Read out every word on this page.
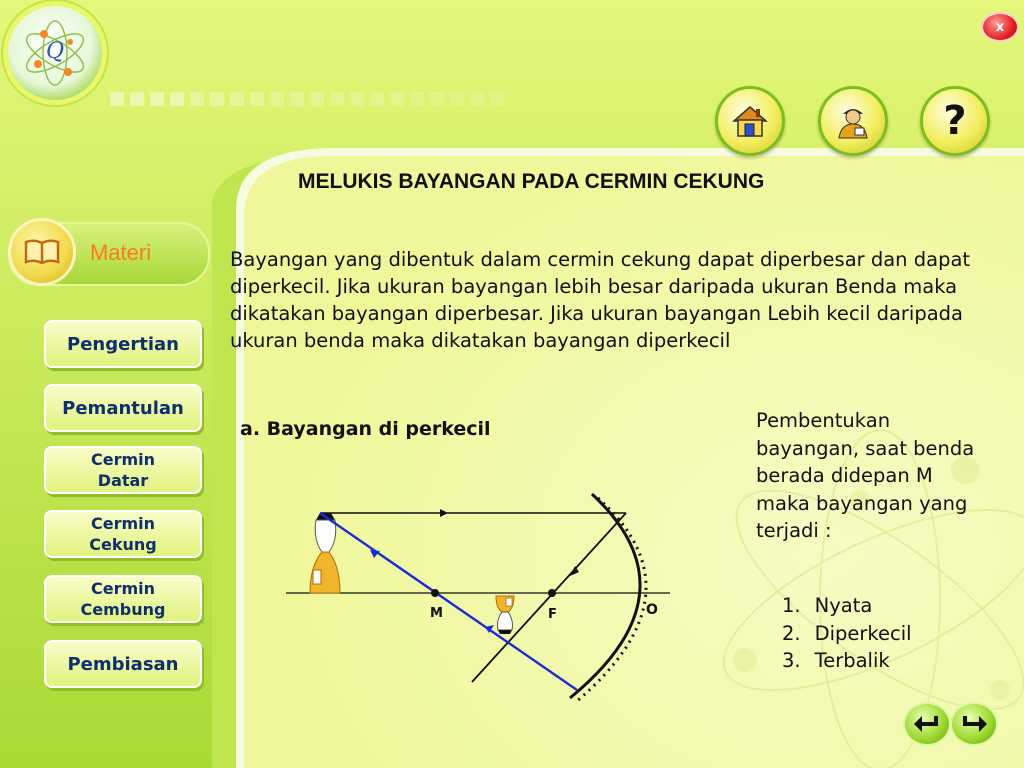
Q
x
?
Materi
Pengertian
Pemantulan
Cermin
Datar
Cermin
Cekung
Cermin
Cembung
Pembiasan
MELUKIS BAYANGAN PADA CERMIN CEKUNG
Bayangan yang dibentuk dalam cermin cekung dapat diperbesar dan dapat diperkecil. Jika ukuran bayangan lebih besar daripada ukuran Benda maka dikatakan bayangan diperbesar. Jika ukuran bayangan Lebih kecil daripada ukuran benda maka dikatakan bayangan diperkecil
a. Bayangan di perkecil	Pembentukan bayangan, saat benda berada didepan M maka bayangan yang terjadi :
1. Nyata
2. Diperkecil
3. Terbalik
M	F	O
